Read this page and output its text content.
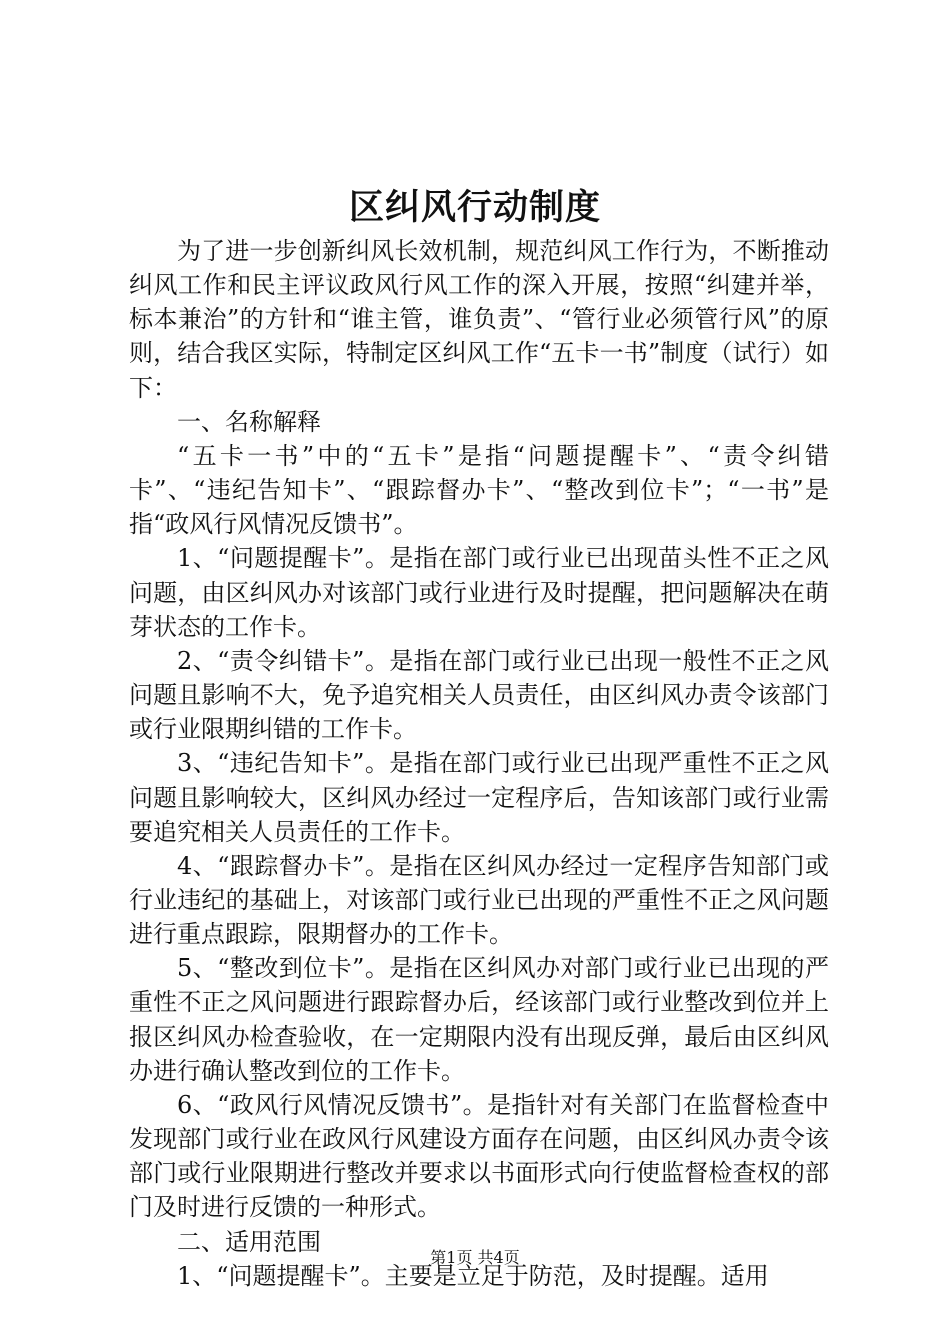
区纠风行动制度

为了进一步创新纠风长效机制，规范纠风工作行为，不断推动纠风工作和民主评议政风行风工作的深入开展，按照“纠建并举，标本兼治”的方针和“谁主管，谁负责”、“管行业必须管行风”的原则，结合我区实际，特制定区纠风工作“五卡一书”制度（试行）如下：

一、名称解释

“五卡一书”中的“五卡”是指“问题提醒卡”、“责令纠错卡”、“违纪告知卡”、“跟踪督办卡”、“整改到位卡”；“一书”是指“政风行风情况反馈书”。

1、“问题提醒卡”。是指在部门或行业已出现苗头性不正之风问题，由区纠风办对该部门或行业进行及时提醒，把问题解决在萌芽状态的工作卡。

2、“责令纠错卡”。是指在部门或行业已出现一般性不正之风问题且影响不大，免予追究相关人员责任，由区纠风办责令该部门或行业限期纠错的工作卡。

3、“违纪告知卡”。是指在部门或行业已出现严重性不正之风问题且影响较大，区纠风办经过一定程序后，告知该部门或行业需要追究相关人员责任的工作卡。

4、“跟踪督办卡”。是指在区纠风办经过一定程序告知部门或行业违纪的基础上，对该部门或行业已出现的严重性不正之风问题进行重点跟踪，限期督办的工作卡。

5、“整改到位卡”。是指在区纠风办对部门或行业已出现的严重性不正之风问题进行跟踪督办后，经该部门或行业整改到位并上报区纠风办检查验收，在一定期限内没有出现反弹，最后由区纠风办进行确认整改到位的工作卡。

6、“政风行风情况反馈书”。是指针对有关部门在监督检查中发现部门或行业在政风行风建设方面存在问题，由区纠风办责令该部门或行业限期进行整改并要求以书面形式向行使监督检查权的部门及时进行反馈的一种形式。

二、适用范围

1、“问题提醒卡”。主要是立足于防范，及时提醒。适用

第1页 共4页
